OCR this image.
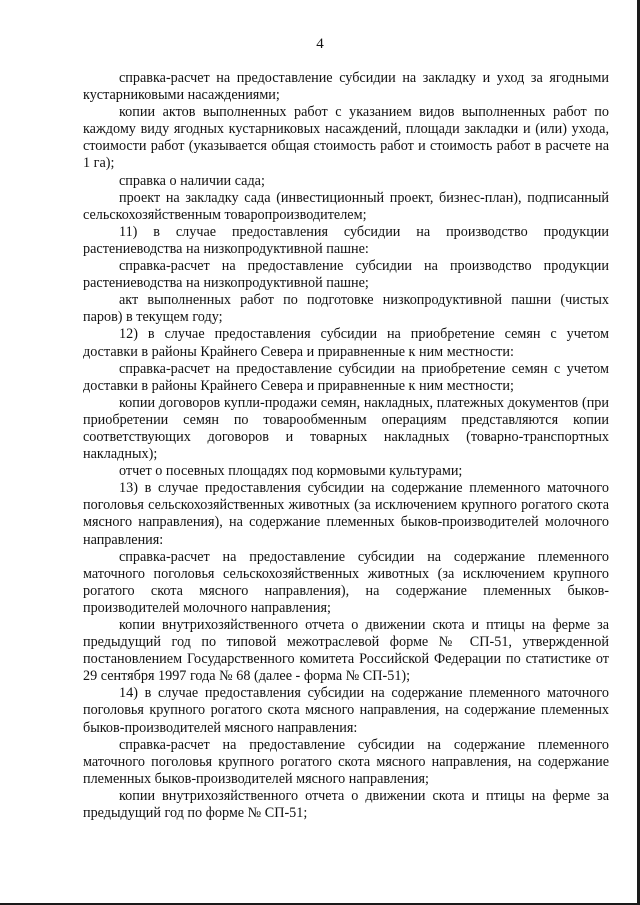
4

справка-расчет на предоставление субсидии на закладку и уход за ягодными кустарниковыми насаждениями;

копии актов выполненных работ с указанием видов выполненных работ по каждому виду ягодных кустарниковых насаждений, площади закладки и (или) ухода, стоимости работ (указывается общая стоимость работ и стоимость работ в расчете на 1 га);

справка о наличии сада;

проект на закладку сада (инвестиционный проект, бизнес-план), подписанный сельскохозяйственным товаропроизводителем;

11) в случае предоставления субсидии на производство продукции растениеводства на низкопродуктивной пашне:

справка-расчет на предоставление субсидии на производство продукции растениеводства на низкопродуктивной пашне;

акт выполненных работ по подготовке низкопродуктивной пашни (чистых паров) в текущем году;

12) в случае предоставления субсидии на приобретение семян с учетом доставки в районы Крайнего Севера и приравненные к ним местности:

справка-расчет на предоставление субсидии на приобретение семян с учетом доставки в районы Крайнего Севера и приравненные к ним местности;

копии договоров купли-продажи семян, накладных, платежных документов (при приобретении семян по товарообменным операциям представляются копии соответствующих договоров и товарных накладных (товарно-транспортных накладных);

отчет о посевных площадях под кормовыми культурами;

13) в случае предоставления субсидии на содержание племенного маточного поголовья сельскохозяйственных животных (за исключением крупного рогатого скота мясного направления), на содержание племенных быков-производителей молочного направления:

справка-расчет на предоставление субсидии на содержание племенного маточного поголовья сельскохозяйственных животных (за исключением крупного рогатого скота мясного направления), на содержание племенных быков-производителей молочного направления;

копии внутрихозяйственного отчета о движении скота и птицы на ферме за предыдущий год по типовой межотраслевой форме № СП-51, утвержденной постановлением Государственного комитета Российской Федерации по статистике от 29 сентября 1997 года № 68 (далее - форма № СП-51);

14) в случае предоставления субсидии на содержание племенного маточного поголовья крупного рогатого скота мясного направления, на содержание племенных быков-производителей мясного направления:

справка-расчет на предоставление субсидии на содержание племенного маточного поголовья крупного рогатого скота мясного направления, на содержание племенных быков-производителей мясного направления;

копии внутрихозяйственного отчета о движении скота и птицы на ферме за предыдущий год по форме № СП-51;
